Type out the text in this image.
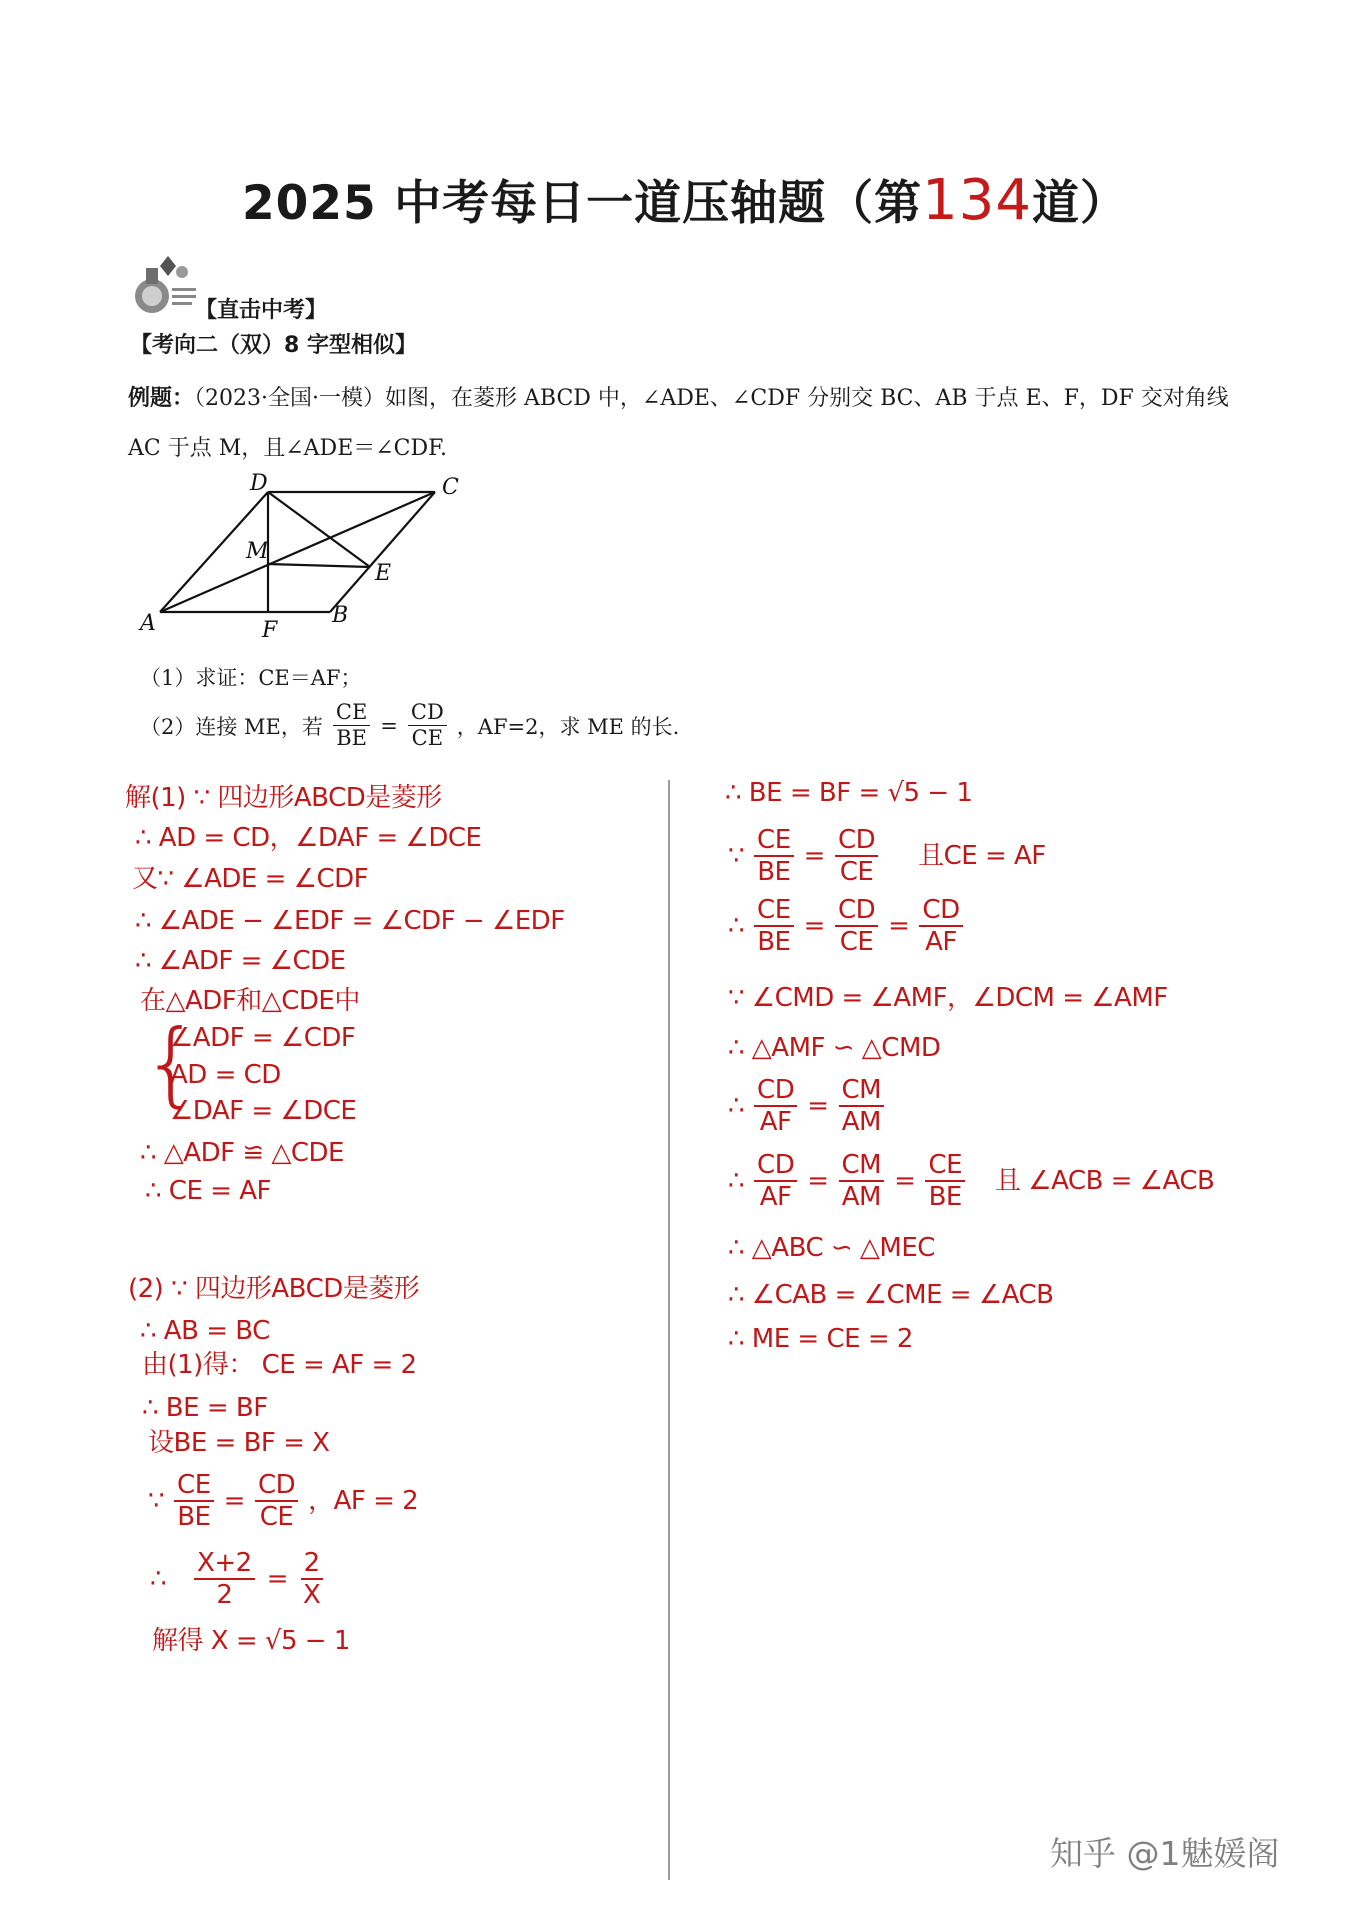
2025 中考每日一道压轴题（第134道）
【直击中考】
【考向二（双）8 字型相似】
例题：（2023·全国·一模）如图，在菱形 ABCD 中，∠ADE、∠CDF 分别交 BC、AB 于点 E、F，DF 交对角线
AC 于点 M，且∠ADE＝∠CDF.
A	B
C
D
E
F
M
（1）求证：CE＝AF；
（2）连接 ME，若 $\frac{CE}{BE} = \frac{CD}{CE}$ ，AF=2，求 ME 的长.
解(1) ∵ 四边形ABCD是菱形
∴ AD = CD，∠DAF = ∠DCE
又∵ ∠ADE = ∠CDF
∴ ∠ADE − ∠EDF = ∠CDF − ∠EDF
∴ ∠ADF = ∠CDE
在△ADF和△CDE中
{
∠ADF = ∠CDF
AD = CD
∠DAF = ∠DCE
∴ △ADF ≌ △CDE
∴ CE = AF
(2) ∵ 四边形ABCD是菱形
∴ AB = BC
由(1)得： CE = AF = 2
∴ BE = BF
设BE = BF = X
∵ $\frac{CE}{BE} = \frac{CD}{CE}$ ，AF = 2
∴ $\frac{X+2}{2} = \frac{2}{X}$
解得 X = √5 − 1
∴ BE = BF = √5 − 1
∵ $\frac{CE}{BE} = \frac{CD}{CE}$ 且CE = AF
∴ $\frac{CE}{BE} = \frac{CD}{CE} = \frac{CD}{AF}$
∵ ∠CMD = ∠AMF，∠DCM = ∠AMF
∴ △AMF ∽ △CMD
∴ $\frac{CD}{AF} = \frac{CM}{AM}$
∴ $\frac{CD}{AF} = \frac{CM}{AM} = \frac{CE}{BE}$ 且 ∠ACB = ∠ACB
∴ △ABC ∽ △MEC
∴ ∠CAB = ∠CME = ∠ACB
∴ ME = CE = 2
知乎 @1魅媛阁
